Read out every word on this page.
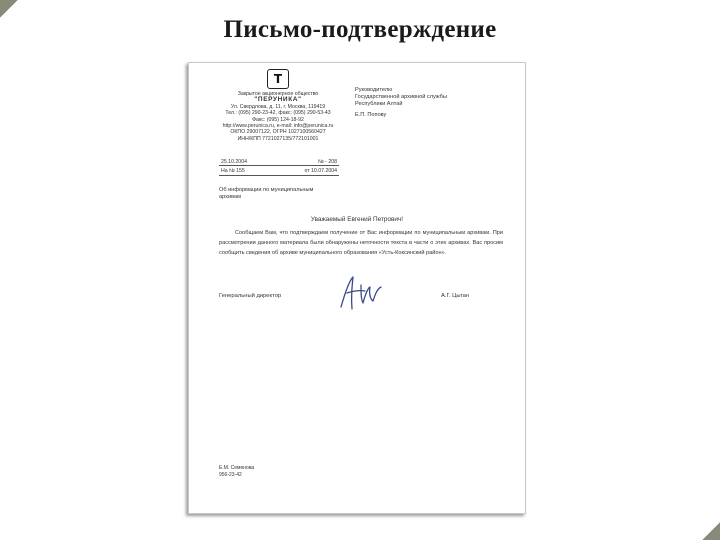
Письмо-подтверждение
T
Закрытое акционерное общество
"ПЕРУНИКА"
Ул. Свердлова, д. 11, г. Москва, 119419
Тел.: (095) 290-23-42, факс: (095) 290-53-43
Факс: (095) 124-18-92
http://www.perunica.ru, e-mail: info@perunica.ru
ОКПО 29007122, ОГРН 1027100560427
ИНН/КПП 7721027135/772101001
Руководителю
Государственной архивной службы
Республики Алтай
Е.П. Попову
25.10.2004	№ - 208
На № 155	от 10.07.2004
Об информации по муниципальным
архивам
Уважаемый Евгений Петрович!
Сообщаем Вам, что подтверждаем получение от Вас информации по муниципальным архивам. При рассмотрении данного материала были обнаружены неточности текста в части о этих архивах. Вас просим сообщить сведения об архиве муниципального образования «Усть-Коксинский район».
Генеральный директор	А.Г. Цыган
Е.М. Семенова
956-23-42
